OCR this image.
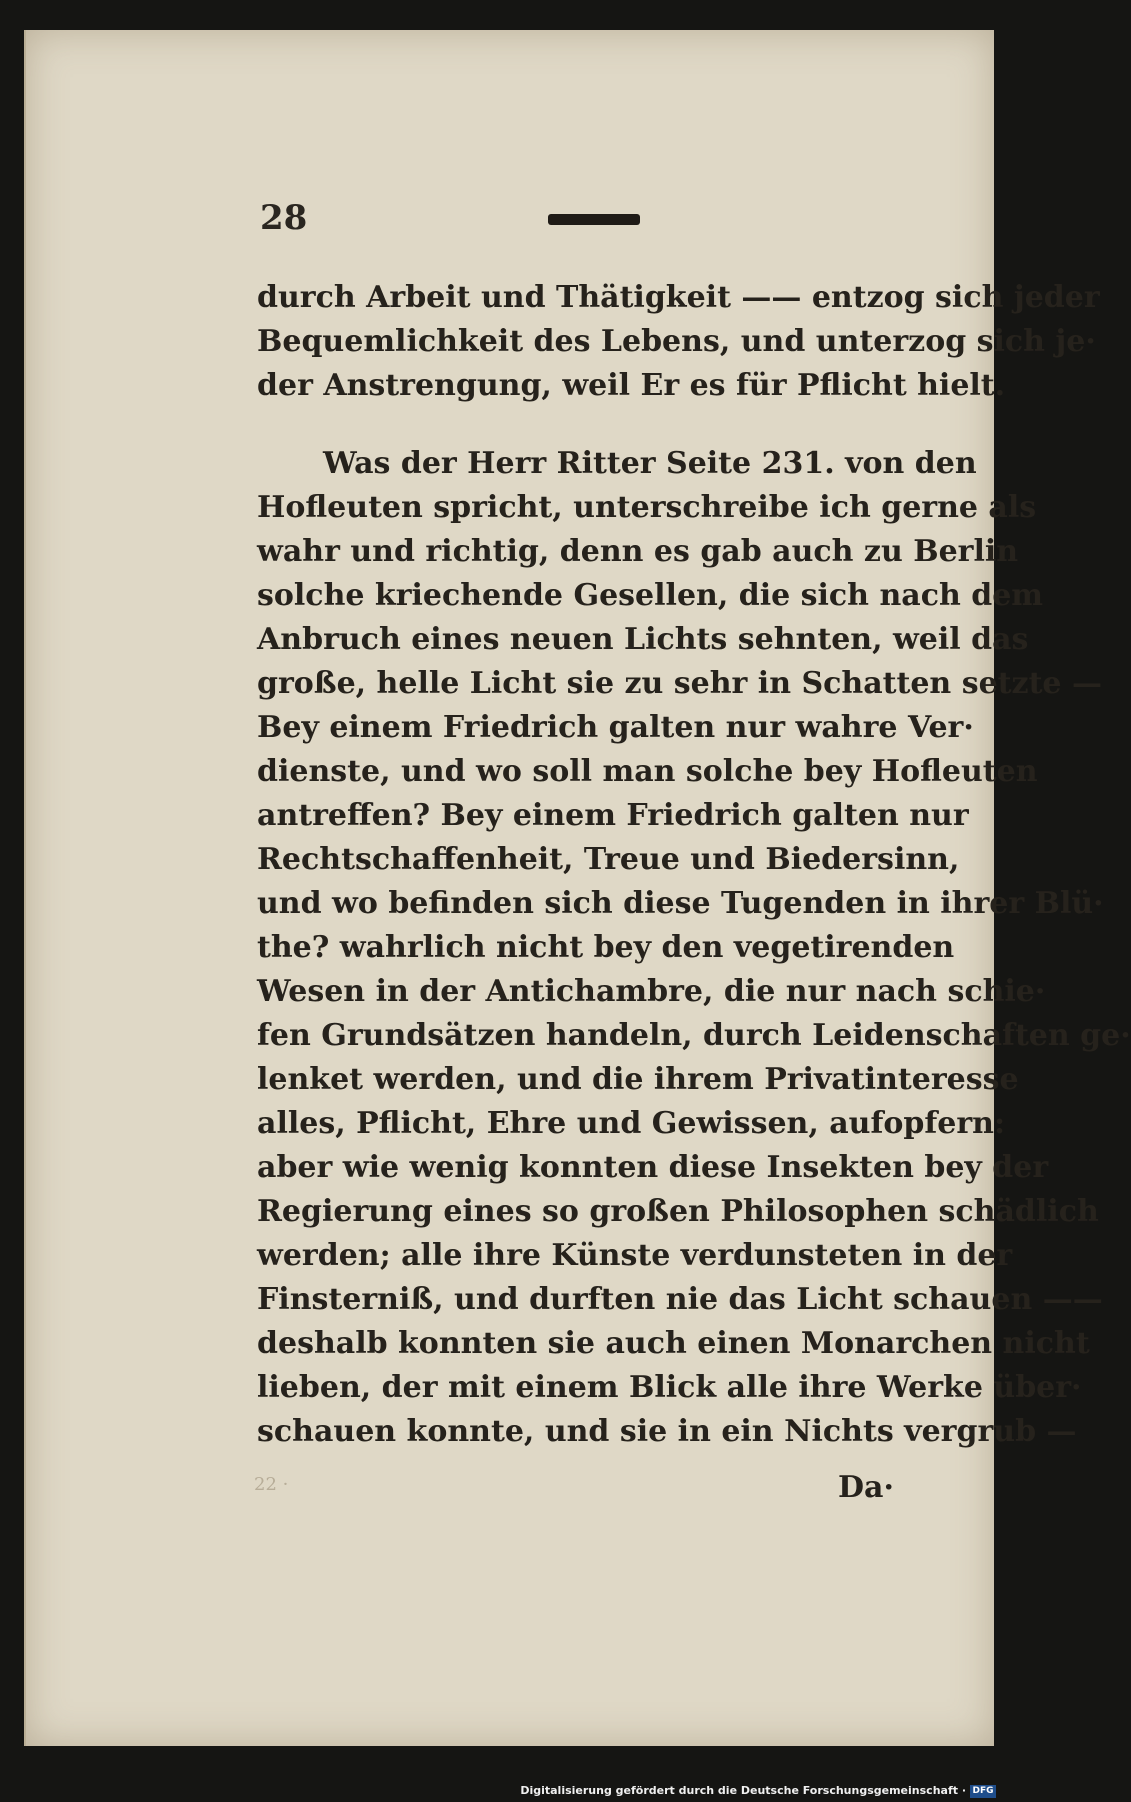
28
durch Arbeit und Thätigkeit —— entzog sich jeder
Bequemlichkeit des Lebens, und unterzog sich je·
der Anstrengung, weil Er es für Pflicht hielt.
Was der Herr Ritter Seite 231. von den
Hofleuten spricht, unterschreibe ich gerne als
wahr und richtig, denn es gab auch zu Berlin
solche kriechende Gesellen, die sich nach dem
Anbruch eines neuen Lichts sehnten, weil das
große, helle Licht sie zu sehr in Schatten setzte —
Bey einem Friedrich galten nur wahre Ver·
dienste, und wo soll man solche bey Hofleuten
antreffen? Bey einem Friedrich galten nur
Rechtschaffenheit, Treue und Biedersinn,
und wo befinden sich diese Tugenden in ihrer Blü·
the? wahrlich nicht bey den vegetirenden
Wesen in der Antichambre, die nur nach schie·
fen Grundsätzen handeln, durch Leidenschaften ge·
lenket werden, und die ihrem Privatinteresse
alles, Pflicht, Ehre und Gewissen, aufopfern:
aber wie wenig konnten diese Insekten bey der
Regierung eines so großen Philosophen schädlich
werden; alle ihre Künste verdunsteten in der
Finsterniß, und durften nie das Licht schauen ——
deshalb konnten sie auch einen Monarchen nicht
lieben, der mit einem Blick alle ihre Werke über·
schauen konnte, und sie in ein Nichts vergrub —
22 ·	Da·
Digitalisierung gefördert durch die Deutsche Forschungsgemeinschaft · DFG
